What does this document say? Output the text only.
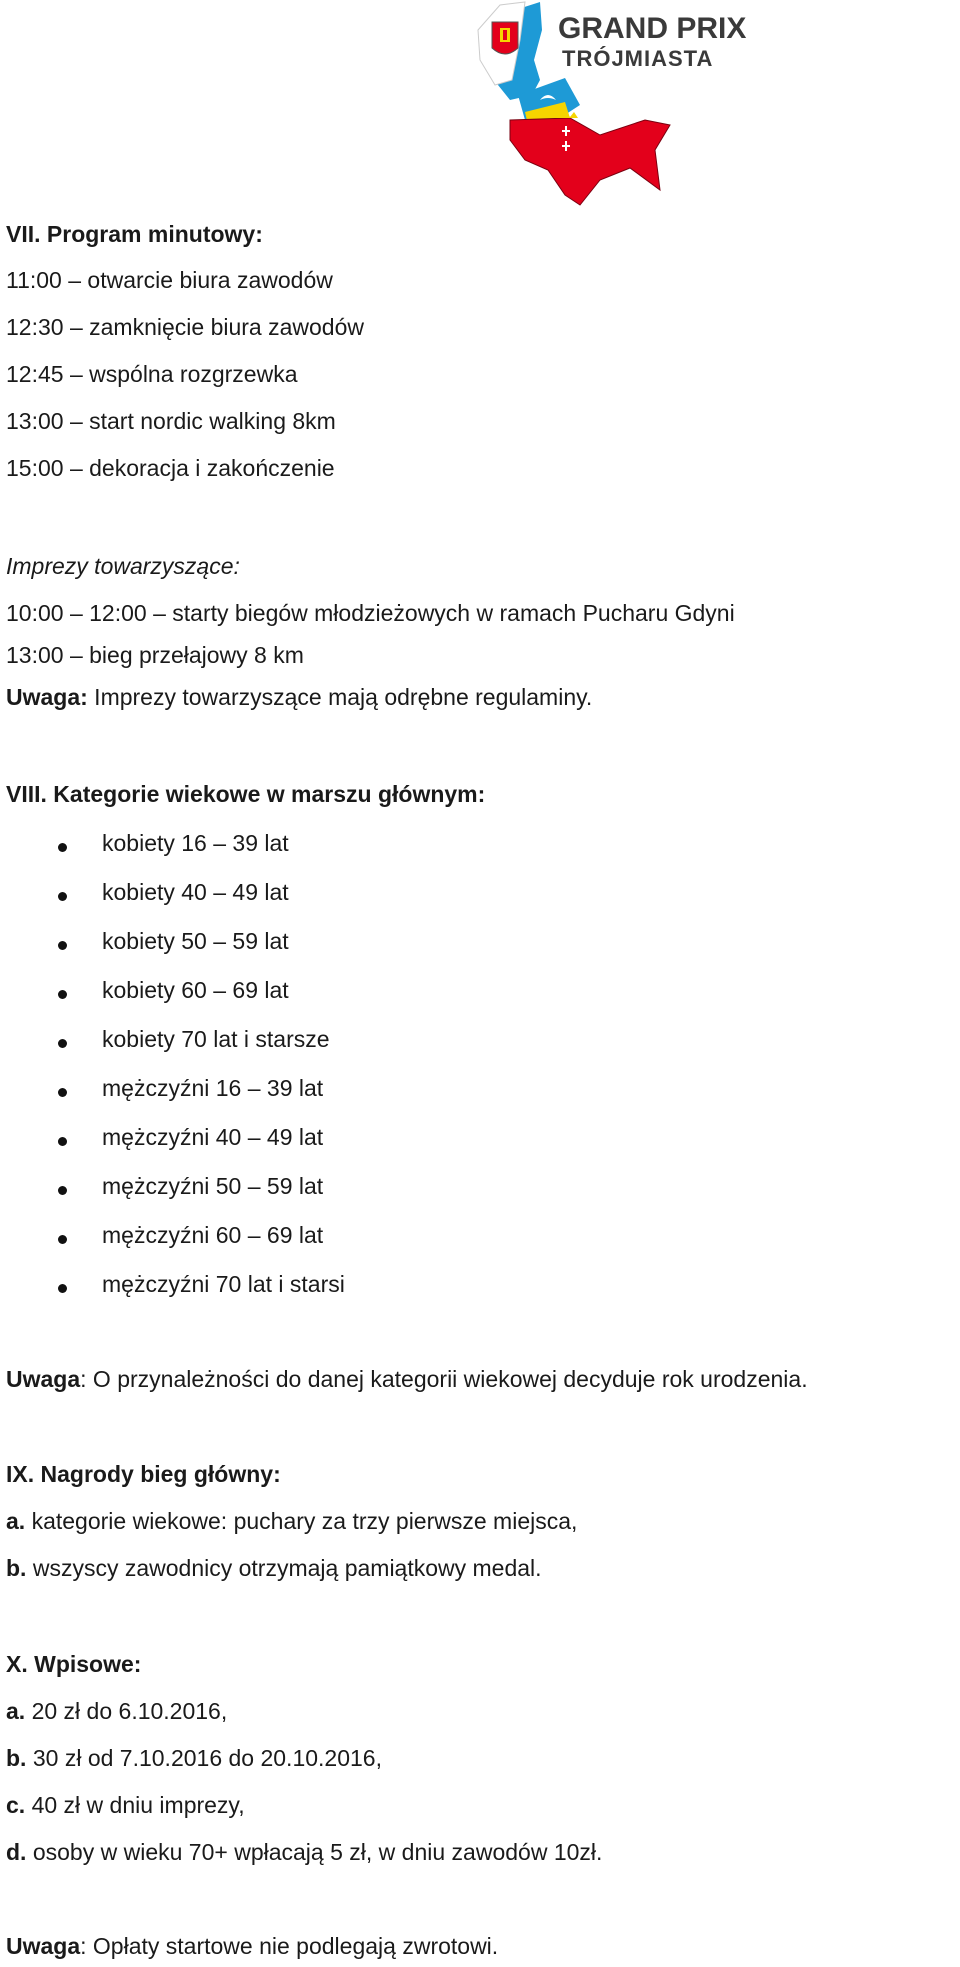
GRAND PRIX
TRÓJMIASTA
VII. Program minutowy:
11:00 – otwarcie biura zawodów
12:30 – zamknięcie biura zawodów
12:45 – wspólna rozgrzewka
13:00 – start nordic walking 8km
15:00 – dekoracja i zakończenie
Imprezy towarzyszące:
10:00 – 12:00 – starty biegów młodzieżowych w ramach Pucharu Gdyni
13:00 – bieg przełajowy 8 km
Uwaga: Imprezy towarzyszące mają odrębne regulaminy.
VIII. Kategorie wiekowe w marszu głównym:
kobiety 16 – 39 lat
kobiety 40 – 49 lat
kobiety 50 – 59 lat
kobiety 60 – 69 lat
kobiety 70 lat i starsze
mężczyźni 16 – 39 lat
mężczyźni 40 – 49 lat
mężczyźni 50 – 59 lat
mężczyźni 60 – 69 lat
mężczyźni 70 lat i starsi
Uwaga: O przynależności do danej kategorii wiekowej decyduje rok urodzenia.
IX. Nagrody bieg główny:
a. kategorie wiekowe: puchary za trzy pierwsze miejsca,
b. wszyscy zawodnicy otrzymają pamiątkowy medal.
X. Wpisowe:
a. 20 zł do 6.10.2016,
b. 30 zł od 7.10.2016 do 20.10.2016,
c. 40 zł w dniu imprezy,
d. osoby w wieku 70+ wpłacają 5 zł, w dniu zawodów 10zł.
Uwaga: Opłaty startowe nie podlegają zwrotowi.
